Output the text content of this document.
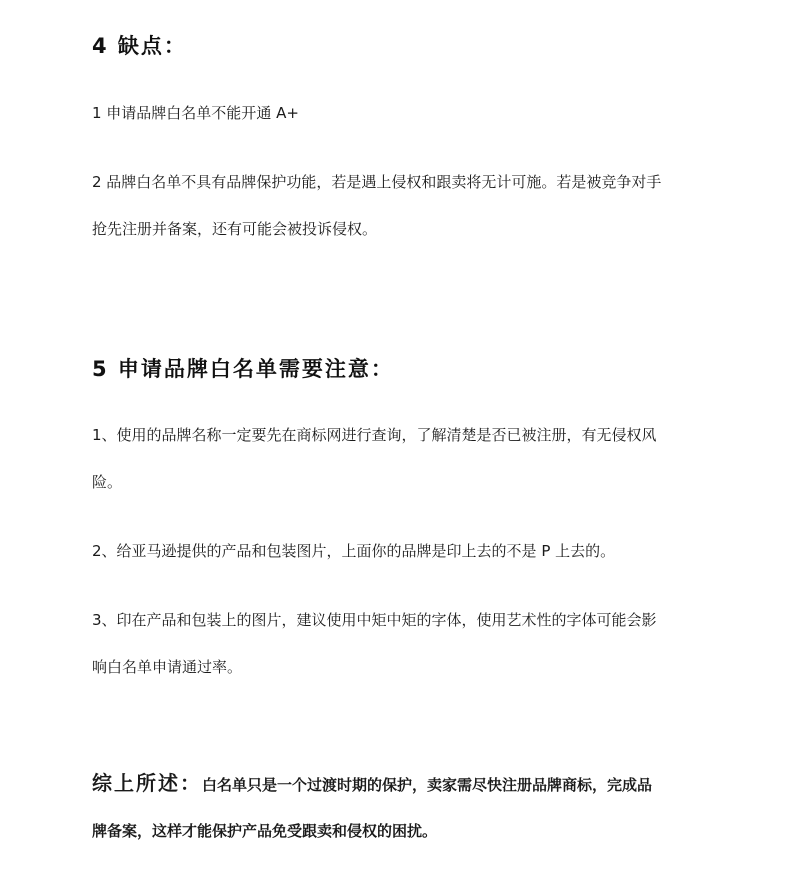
4 缺点：

1 申请品牌白名单不能开通 A+

2 品牌白名单不具有品牌保护功能，若是遇上侵权和跟卖将无计可施。若是被竞争对手

抢先注册并备案，还有可能会被投诉侵权。

5 申请品牌白名单需要注意：

1、使用的品牌名称一定要先在商标网进行查询，了解清楚是否已被注册，有无侵权风

险。

2、给亚马逊提供的产品和包装图片，上面你的品牌是印上去的不是 P 上去的。

3、印在产品和包装上的图片，建议使用中矩中矩的字体，使用艺术性的字体可能会影

响白名单申请通过率。

综上所述：白名单只是一个过渡时期的保护，卖家需尽快注册品牌商标，完成品

牌备案，这样才能保护产品免受跟卖和侵权的困扰。
